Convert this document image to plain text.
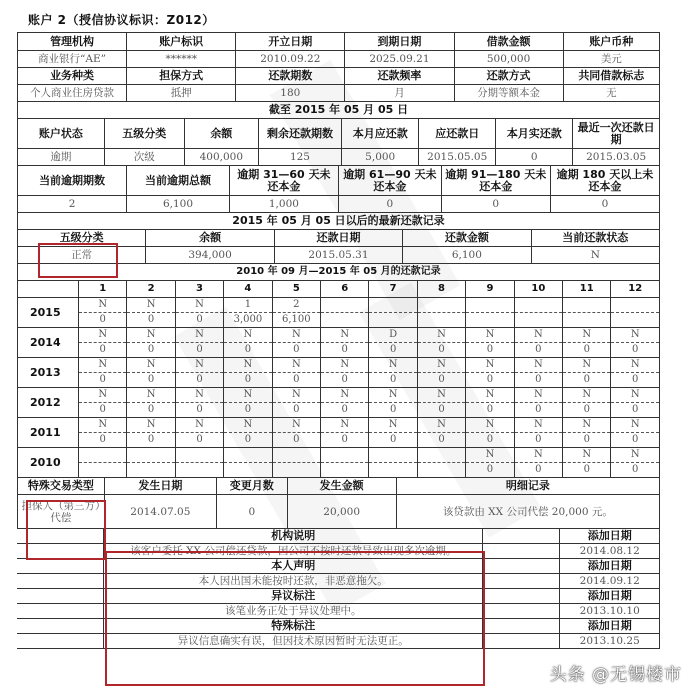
账户 2（授信协议标识：Z012）
管理机构	账户标识	开立日期	到期日期	借款金额	账户币种
商业银行“AE”	******	2010.09.22	2025.09.21	500,000	美元
业务种类	担保方式	还款期数	还款频率	还款方式	共同借款标志
个人商业住房贷款	抵押	180	月	分期等额本金	无
截至 2015 年 05 月 05 日							
账户状态	五级分类	余额	剩余还款期数	本月应还款	应还款日	本月实还款	最近一次还款日期
逾期	次级	400,000	125	5,000	2015.05.05	0	2015.03.05
当前逾期期数	当前逾期总额	逾期 31—60 天未还本金	逾期 61—90 天未还本金	逾期 91—180 天未还本金	逾期 180 天以上未还本金
2	6,100	1,000	0	0	0
2015 年 05 月 05 日以后的最新还款记录				
五级分类	余额	还款日期	还款金额	当前还款状态
正常	394,000	2015.05.31	6,100	N
2010 年 09 月—2015 年 05 月的还款记录
	1	2	3	4	5	6	7	8	9	10	11	12
2015	N	N	N	1	2							
	0	0	0	3,000	6,100							
2014	N	N	N	N	N	N	D	N	N	N	N	N
	0	0	0	0	0	0	0	0	0	0	0	0
2013	N	N	N	N	N	N	N	N	N	N	N	N
	0	0	0	0	0	0	0	0	0	0	0	0
2012	N	N	N	N	N	N	N	N	N	N	N	N
	0	0	0	0	0	0	0	0	0	0	0	0
2011	N	N	N	N	N	N	N	N	N	N	N	N
	0	0	0	0	0	0	0	0	0	0	0	0
2010									N	N	N	N
									0	0	0	0
特殊交易类型	发生日期	变更月数	发生金额	明细记录
担保人（第三方）代偿	2014.07.05	0	20,000	该贷款由 XX 公司代偿 20,000 元。
	机构说明		添加日期
	该客户委托 XX 公司偿还贷款，因公司不按时还款导致出现多次逾期。		2014.08.12
	本人声明		添加日期
	本人因出国未能按时还款，非恶意拖欠。		2014.09.12
	异议标注		添加日期
	该笔业务正处于异议处理中。		2013.10.10
	特殊标注		添加日期
	异议信息确实有误，但因技术原因暂时无法更正。		2013.10.25
头条 @无锡楼市
